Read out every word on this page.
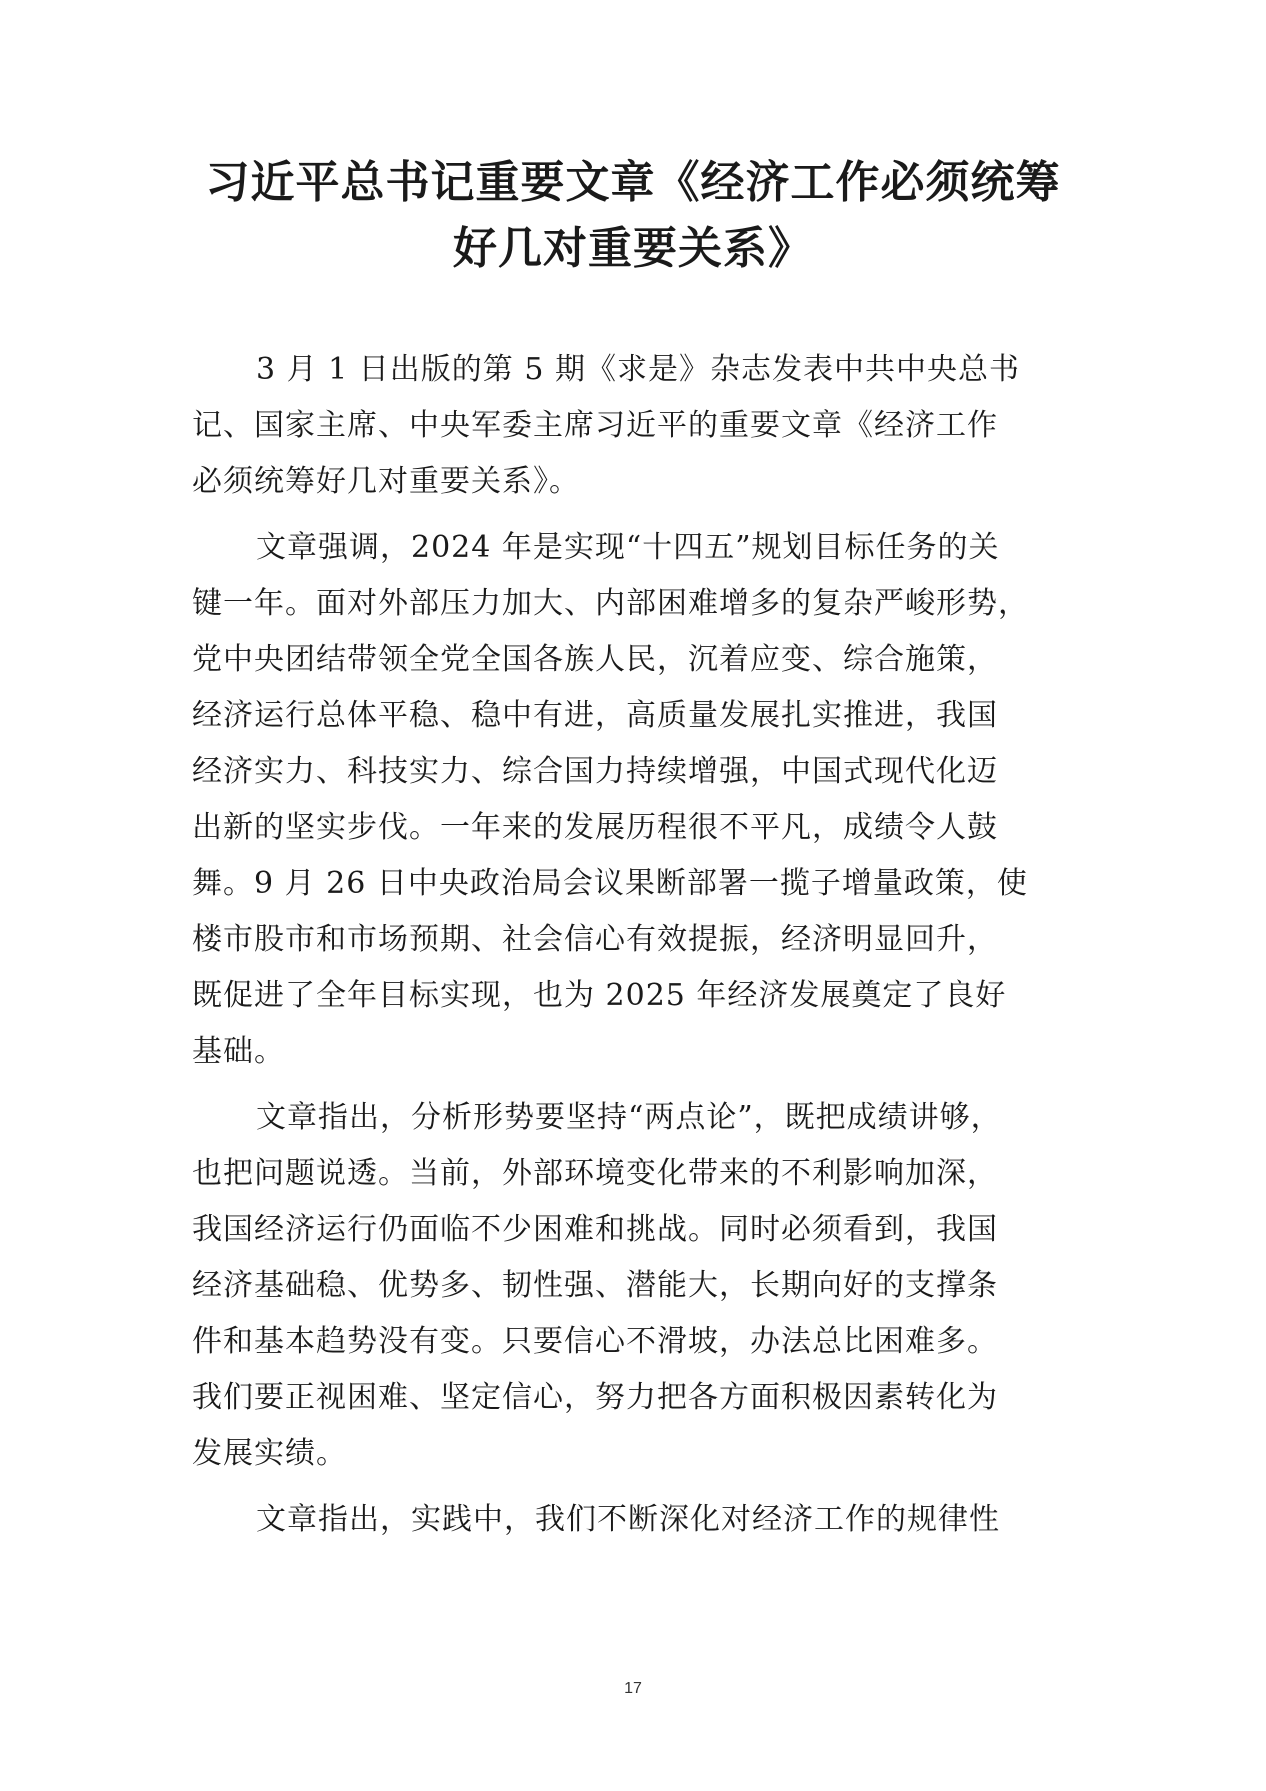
习近平总书记重要文章《经济工作必须统筹
好几对重要关系》

3 月 1 日出版的第 5 期《求是》杂志发表中共中央总书
记、国家主席、中央军委主席习近平的重要文章《经济工作
必须统筹好几对重要关系》。

文章强调，2024 年是实现“十四五”规划目标任务的关
键一年。面对外部压力加大、内部困难增多的复杂严峻形势，
党中央团结带领全党全国各族人民，沉着应变、综合施策，
经济运行总体平稳、稳中有进，高质量发展扎实推进，我国
经济实力、科技实力、综合国力持续增强，中国式现代化迈
出新的坚实步伐。一年来的发展历程很不平凡，成绩令人鼓
舞。9 月 26 日中央政治局会议果断部署一揽子增量政策，使
楼市股市和市场预期、社会信心有效提振，经济明显回升，
既促进了全年目标实现，也为 2025 年经济发展奠定了良好
基础。

文章指出，分析形势要坚持“两点论”，既把成绩讲够，
也把问题说透。当前，外部环境变化带来的不利影响加深，
我国经济运行仍面临不少困难和挑战。同时必须看到，我国
经济基础稳、优势多、韧性强、潜能大，长期向好的支撑条
件和基本趋势没有变。只要信心不滑坡，办法总比困难多。
我们要正视困难、坚定信心，努力把各方面积极因素转化为
发展实绩。

文章指出，实践中，我们不断深化对经济工作的规律性

17
